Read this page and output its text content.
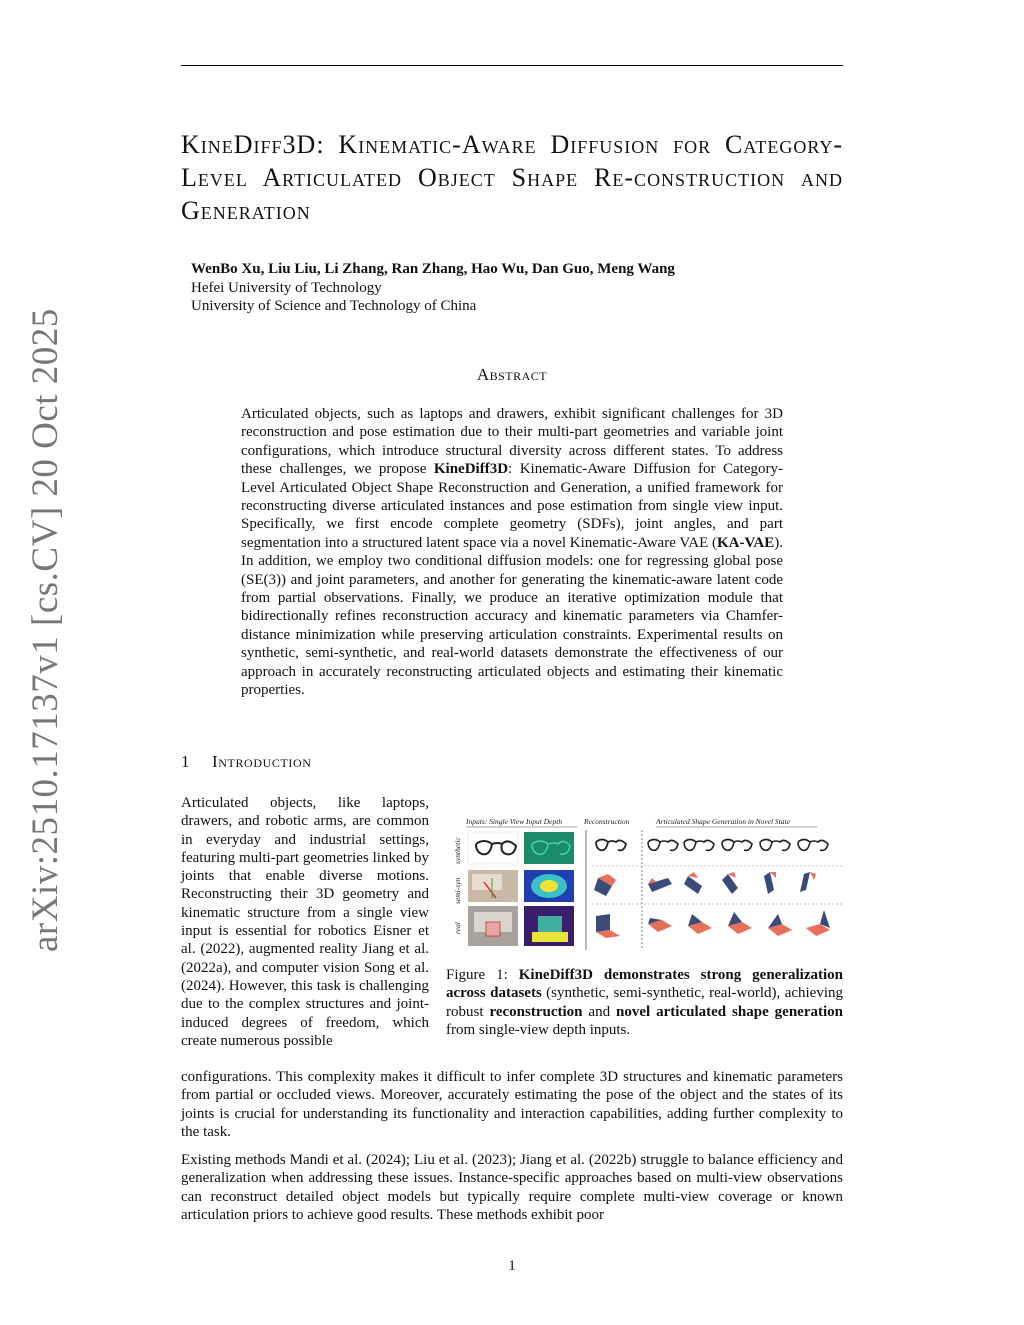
arXiv:2510.17137v1 [cs.CV] 20 Oct 2025
KineDiff3D: Kinematic-Aware Diffusion for Category-Level Articulated Object Shape Re-construction and Generation
WenBo Xu, Liu Liu, Li Zhang, Ran Zhang, Hao Wu, Dan Guo, Meng Wang
Hefei University of Technology
University of Science and Technology of China
Abstract

Articulated objects, such as laptops and drawers, exhibit significant challenges for 3D reconstruction and pose estimation due to their multi-part geometries and variable joint configurations, which introduce structural diversity across different states. To address these challenges, we propose KineDiff3D: Kinematic-Aware Diffusion for Category-Level Articulated Object Shape Reconstruction and Generation, a unified framework for reconstructing diverse articulated instances and pose estimation from single view input. Specifically, we first encode complete geometry (SDFs), joint angles, and part segmentation into a structured latent space via a novel Kinematic-Aware VAE (KA-VAE). In addition, we employ two conditional diffusion models: one for regressing global pose (SE(3)) and joint parameters, and another for generating the kinematic-aware latent code from partial observations. Finally, we produce an iterative optimization module that bidirectionally refines reconstruction accuracy and kinematic parameters via Chamfer-distance minimization while preserving articulation constraints. Experimental results on synthetic, semi-synthetic, and real-world datasets demonstrate the effectiveness of our approach in accurately reconstructing articulated objects and estimating their kinematic properties.

1 Introduction

Articulated objects, like laptops, drawers, and robotic arms, are common in everyday and industrial settings, featuring multi-part geometries linked by joints that enable diverse motions. Reconstructing their 3D geometry and kinematic structure from a single view input is essential for robotics Eisner et al. (2022), augmented reality Jiang et al. (2022a), and computer vision Song et al. (2024). However, this task is challenging due to the complex structures and joint-induced degrees of freedom, which create numerous possible

Inputs: Single View Input Depth	Reconstruction	Articulated Shape Generation in Novel State
synthetic
semi-syn
real

Figure 1: KineDiff3D demonstrates strong generalization across datasets (synthetic, semi-synthetic, real-world), achieving robust reconstruction and novel articulated shape generation from single-view depth inputs.

configurations. This complexity makes it difficult to infer complete 3D structures and kinematic parameters from partial or occluded views. Moreover, accurately estimating the pose of the object and the states of its joints is crucial for understanding its functionality and interaction capabilities, adding further complexity to the task.

Existing methods Mandi et al. (2024); Liu et al. (2023); Jiang et al. (2022b) struggle to balance efficiency and generalization when addressing these issues. Instance-specific approaches based on multi-view observations can reconstruct detailed object models but typically require complete multi-view coverage or known articulation priors to achieve good results. These methods exhibit poor

1
